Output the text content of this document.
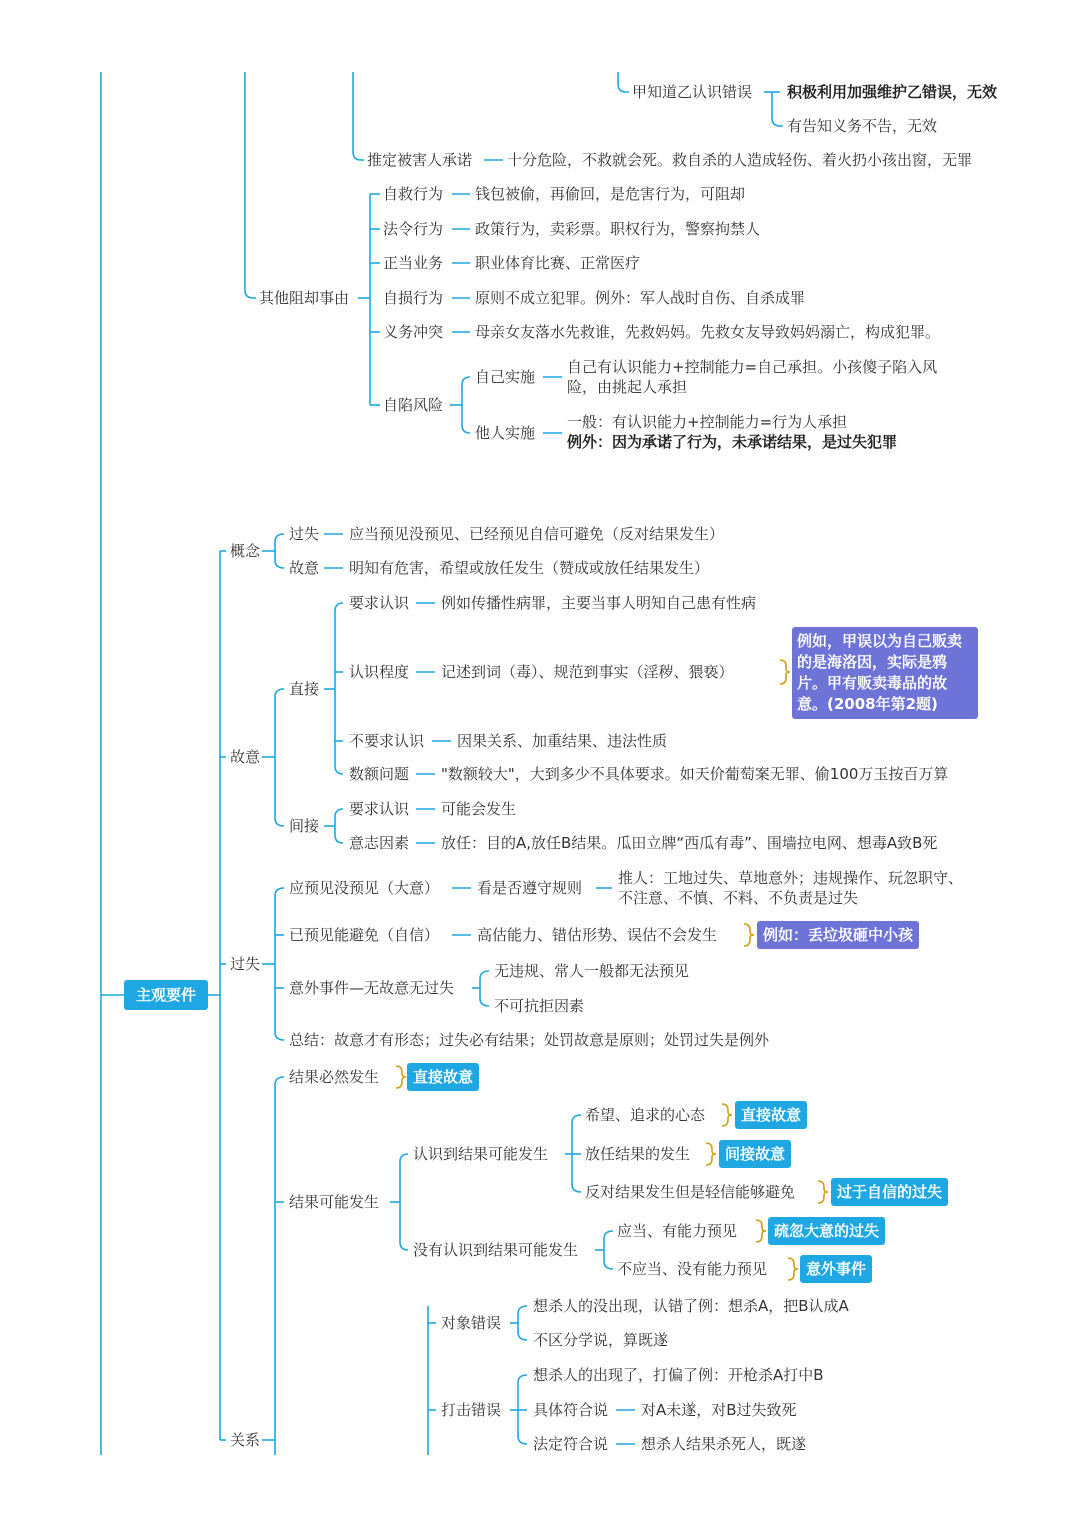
主观要件
甲知道乙认识错误 积极利用加强维护乙错误，无效
有告知义务不告，无效
推定被害人承诺 十分危险，不救就会死。救自杀的人造成轻伤、着火扔小孩出窗，无罪
其他阻却事由
自救行为 钱包被偷，再偷回，是危害行为，可阻却
法令行为 政策行为，卖彩票。职权行为，警察拘禁人
正当业务 职业体育比赛、正常医疗
自损行为 原则不成立犯罪。例外：军人战时自伤、自杀成罪
义务冲突 母亲女友落水先救谁，先救妈妈。先救女友导致妈妈溺亡，构成犯罪。
自陷风险
自己实施
自己有认识能力+控制能力=自己承担。小孩傻子陷入风险，由挑起人承担
他人实施
一般：有认识能力+控制能力=行为人承担
例外：因为承诺了行为，未承诺结果，是过失犯罪
概念
过失 应当预见没预见、已经预见自信可避免（反对结果发生）
故意 明知有危害，希望或放任发生（赞成或放任结果发生）
故意
直接
要求认识 例如传播性病罪，主要当事人明知自己患有性病
认识程度 记述到词（毒）、规范到事实（淫秽、猥亵）
例如，甲误以为自己贩卖的是海洛因，实际是鸦片。甲有贩卖毒品的故意。(2008年第2题)
不要求认识 因果关系、加重结果、违法性质
数额问题 "数额较大"，大到多少不具体要求。如天价葡萄案无罪、偷100万玉按百万算
间接
要求认识 可能会发生
意志因素 放任：目的A,放任B结果。瓜田立牌“西瓜有毒”、围墙拉电网、想毒A致B死
过失
应预见没预见（大意）	看是否遵守规则
推人：工地过失、草地意外；违规操作、玩忽职守、不注意、不慎、不料、不负责是过失
已预见能避免（自信）	高估能力、错估形势、误估不会发生	例如：丢垃圾砸中小孩
意外事件—无故意无过失
无违规、常人一般都无法预见
不可抗拒因素
总结：故意才有形态；过失必有结果；处罚故意是原则；处罚过失是例外
关系
结果必然发生	直接故意
结果可能发生
认识到结果可能发生
希望、追求的心态	直接故意
放任结果的发生	间接故意
反对结果发生但是轻信能够避免	过于自信的过失
没有认识到结果可能发生
应当、有能力预见	疏忽大意的过失
不应当、没有能力预见	意外事件
对象错误
想杀人的没出现，认错了例：想杀A，把B认成A
不区分学说，算既遂
打击错误
想杀人的出现了，打偏了例：开枪杀A打中B
具体符合说 对A未遂，对B过失致死
法定符合说 想杀人结果杀死人，既遂
